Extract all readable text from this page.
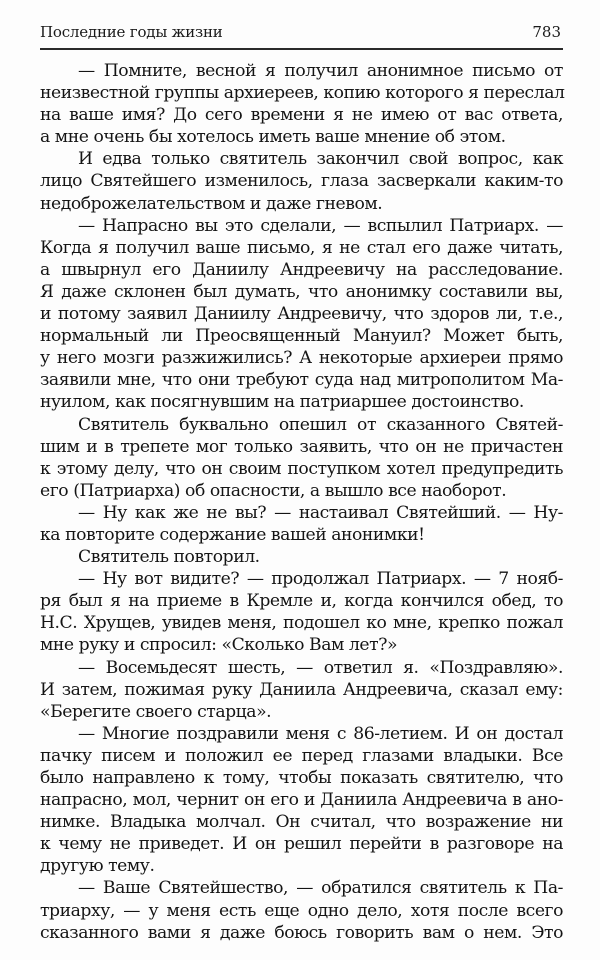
Последние годы жизни	783
— Помните, весной я получил анонимное письмо от
неизвестной группы архиереев, копию которого я переслал
на ваше имя? До сего времени я не имею от вас ответа,
а мне очень бы хотелось иметь ваше мнение об этом.
И едва только святитель закончил свой вопрос, как
лицо Святейшего изменилось, глаза засверкали каким-то
недоброжелательством и даже гневом.
— Напрасно вы это сделали, — вспылил Патриарх. —
Когда я получил ваше письмо, я не стал его даже читать,
а швырнул его Даниилу Андреевичу на расследование.
Я даже склонен был думать, что анонимку составили вы,
и потому заявил Даниилу Андреевичу, что здоров ли, т.е.,
нормальный ли Преосвященный Мануил? Может быть,
у него мозги разжижились? А некоторые архиереи прямо
заявили мне, что они требуют суда над митрополитом Ма-
нуилом, как посягнувшим на патриаршее достоинство.
Святитель буквально опешил от сказанного Святей-
шим и в трепете мог только заявить, что он не причастен
к этому делу, что он своим поступком хотел предупредить
его (Патриарха) об опасности, а вышло все наоборот.
— Ну как же не вы? — настаивал Святейший. — Ну-
ка повторите содержание вашей анонимки!
Святитель повторил.
— Ну вот видите? — продолжал Патриарх. — 7 нояб-
ря был я на приеме в Кремле и, когда кончился обед, то
Н.С. Хрущев, увидев меня, подошел ко мне, крепко пожал
мне руку и спросил: «Сколько Вам лет?»
— Восемьдесят шесть, — ответил я. «Поздравляю».
И затем, пожимая руку Даниила Андреевича, сказал ему:
«Берегите своего старца».
— Многие поздравили меня с 86-летием. И он достал
пачку писем и положил ее перед глазами владыки. Все
было направлено к тому, чтобы показать святителю, что
напрасно, мол, чернит он его и Даниила Андреевича в ано-
нимке. Владыка молчал. Он считал, что возражение ни
к чему не приведет. И он решил перейти в разговоре на
другую тему.
— Ваше Святейшество, — обратился святитель к Па-
триарху, — у меня есть еще одно дело, хотя после всего
сказанного вами я даже боюсь говорить вам о нем. Это
